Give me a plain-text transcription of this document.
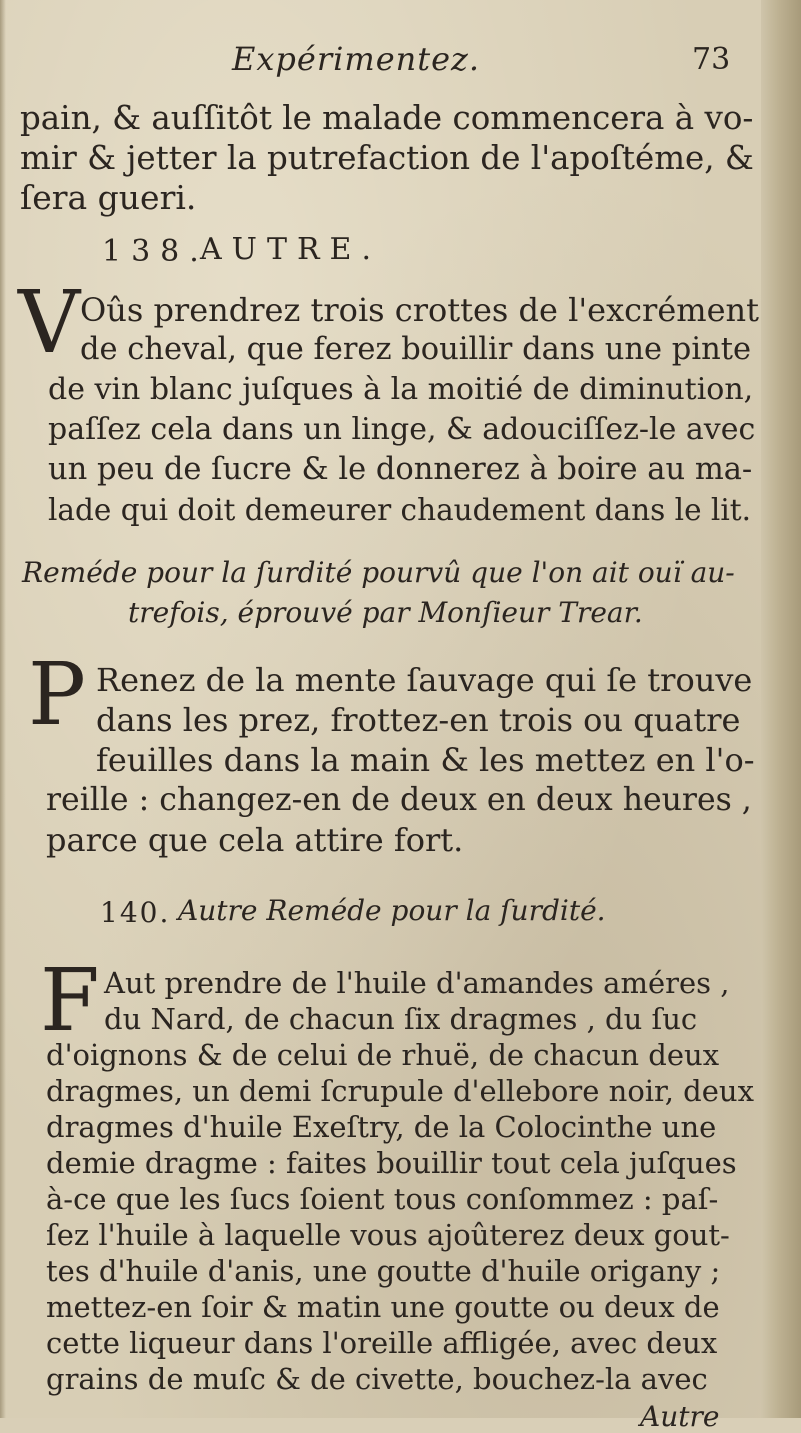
Expérimentez.	73
pain, & auſſitôt le malade commencera à vo-
mir & jetter la putrefaction de l'apoſtéme, &
ſera gueri.
138.
AUTRE.
V Oûs prendrez trois crottes de l'excrément
de cheval, que ferez bouillir dans une pinte
de vin blanc juſques à la moitié de diminution,
paſſez cela dans un linge, & adouciſſez-le avec
un peu de ſucre & le donnerez à boire au ma-
lade qui doit demeurer chaudement dans le lit.
Reméde pour la ſurdité pourvû que l'on ait ouï au-
trefois, éprouvé par Monſieur Trear.
P Renez de la mente ſauvage qui ſe trouve
dans les prez, frottez-en trois ou quatre
feuilles dans la main & les mettez en l'o-
reille : changez-en de deux en deux heures ,
parce que cela attire fort.
140. Autre Reméde pour la ſurdité.
F Aut prendre de l'huile d'amandes améres ,
du Nard, de chacun ſix dragmes , du ſuc
d'oignons & de celui de rhuë, de chacun deux
dragmes, un demi ſcrupule d'ellebore noir, deux
dragmes d'huile Exeſtry, de la Colocinthe une
demie dragme : faites bouillir tout cela juſques
à-ce que les ſucs ſoient tous conſommez : paſ-
ſez l'huile à laquelle vous ajoûterez deux gout-
tes d'huile d'anis, une goutte d'huile origany ;
mettez-en ſoir & matin une goutte ou deux de
cette liqueur dans l'oreille affligée, avec deux
grains de muſc & de civette, bouchez-la avec
Autre
